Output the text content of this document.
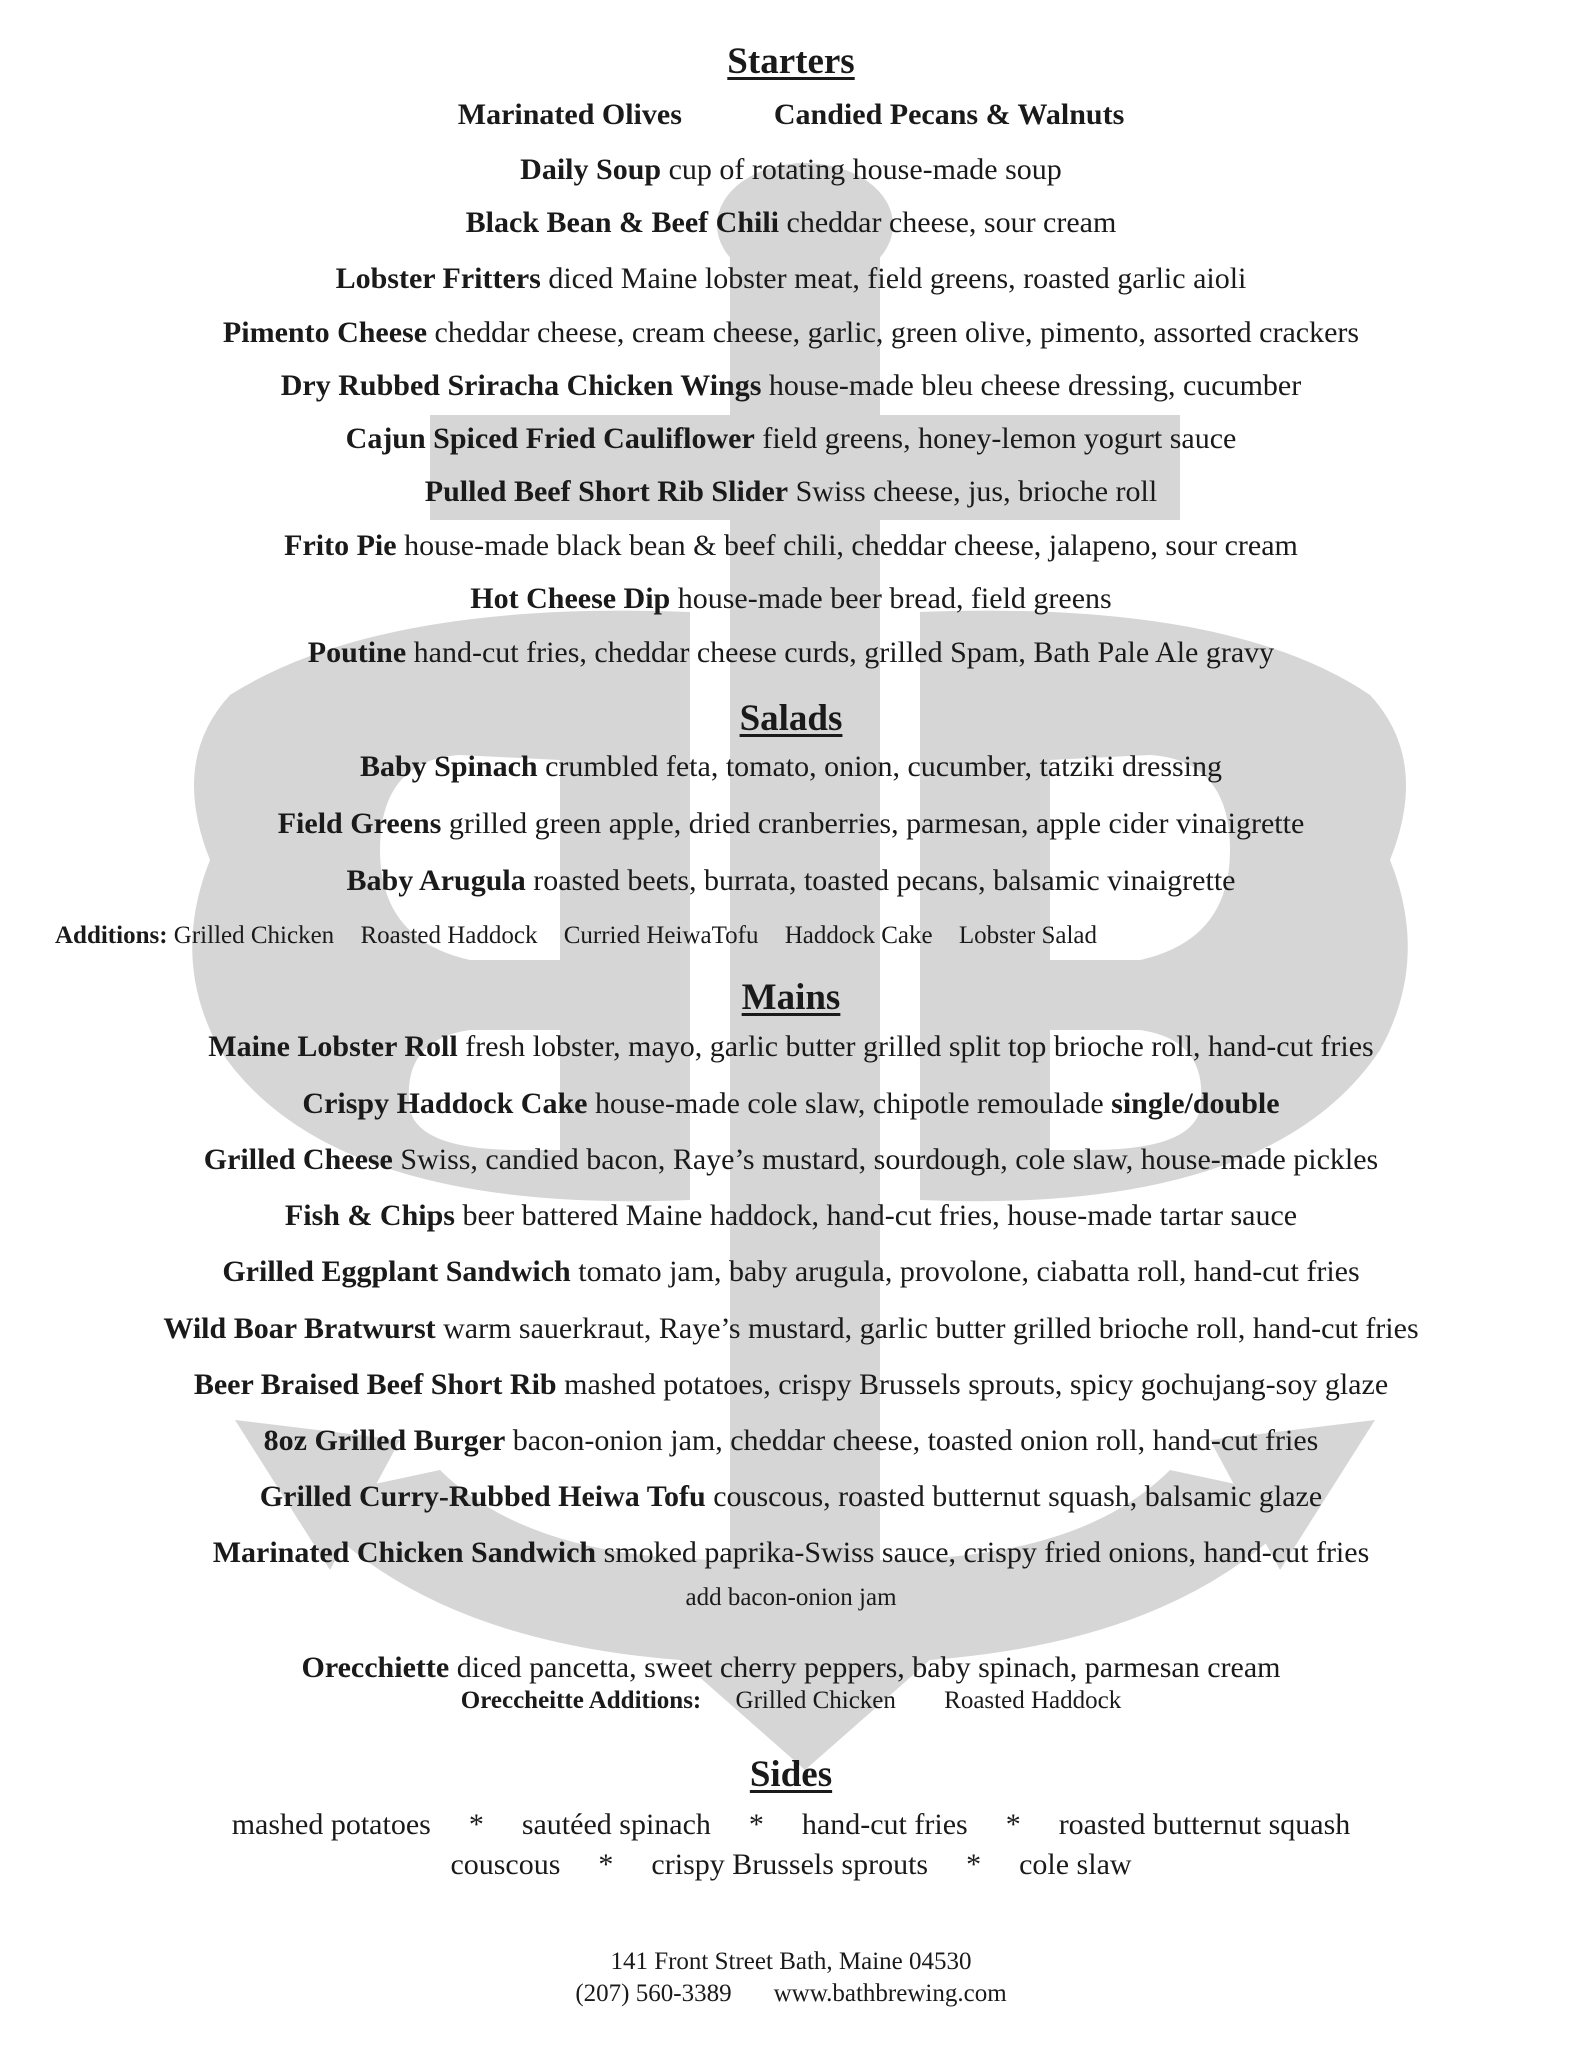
Starters
Marinated Olives	Candied Pecans & Walnuts
Daily Soup cup of rotating house-made soup
Black Bean & Beef Chili cheddar cheese, sour cream
Lobster Fritters diced Maine lobster meat, field greens, roasted garlic aioli
Pimento Cheese cheddar cheese, cream cheese, garlic, green olive, pimento, assorted crackers
Dry Rubbed Sriracha Chicken Wings house-made bleu cheese dressing, cucumber
Cajun Spiced Fried Cauliflower field greens, honey-lemon yogurt sauce
Pulled Beef Short Rib Slider Swiss cheese, jus, brioche roll
Frito Pie house-made black bean & beef chili, cheddar cheese, jalapeno, sour cream
Hot Cheese Dip house-made beer bread, field greens
Poutine hand-cut fries, cheddar cheese curds, grilled Spam, Bath Pale Ale gravy
Salads
Baby Spinach crumbled feta, tomato, onion, cucumber, tatziki dressing
Field Greens grilled green apple, dried cranberries, parmesan, apple cider vinaigrette
Baby Arugula roasted beets, burrata, toasted pecans, balsamic vinaigrette
Additions: Grilled Chicken Roasted Haddock Curried HeiwaTofu Haddock Cake Lobster Salad
Mains
Maine Lobster Roll fresh lobster, mayo, garlic butter grilled split top brioche roll, hand-cut fries
Crispy Haddock Cake house-made cole slaw, chipotle remoulade single/double
Grilled Cheese Swiss, candied bacon, Raye’s mustard, sourdough, cole slaw, house-made pickles
Fish & Chips beer battered Maine haddock, hand-cut fries, house-made tartar sauce
Grilled Eggplant Sandwich tomato jam, baby arugula, provolone, ciabatta roll, hand-cut fries
Wild Boar Bratwurst warm sauerkraut, Raye’s mustard, garlic butter grilled brioche roll, hand-cut fries
Beer Braised Beef Short Rib mashed potatoes, crispy Brussels sprouts, spicy gochujang-soy glaze
8oz Grilled Burger bacon-onion jam, cheddar cheese, toasted onion roll, hand-cut fries
Grilled Curry-Rubbed Heiwa Tofu couscous, roasted butternut squash, balsamic glaze
Marinated Chicken Sandwich smoked paprika-Swiss sauce, crispy fried onions, hand-cut fries
Orecchiette diced pancetta, sweet cherry peppers, baby spinach, parmesan cream
add bacon-onion jam
Oreccheitte Additions: Grilled Chicken Roasted Haddock
Sides
mashed potatoes * sautéed spinach * hand-cut fries * roasted butternut squash
couscous * crispy Brussels sprouts * cole slaw
141 Front Street Bath, Maine 04530
(207) 560-3389 www.bathbrewing.com
